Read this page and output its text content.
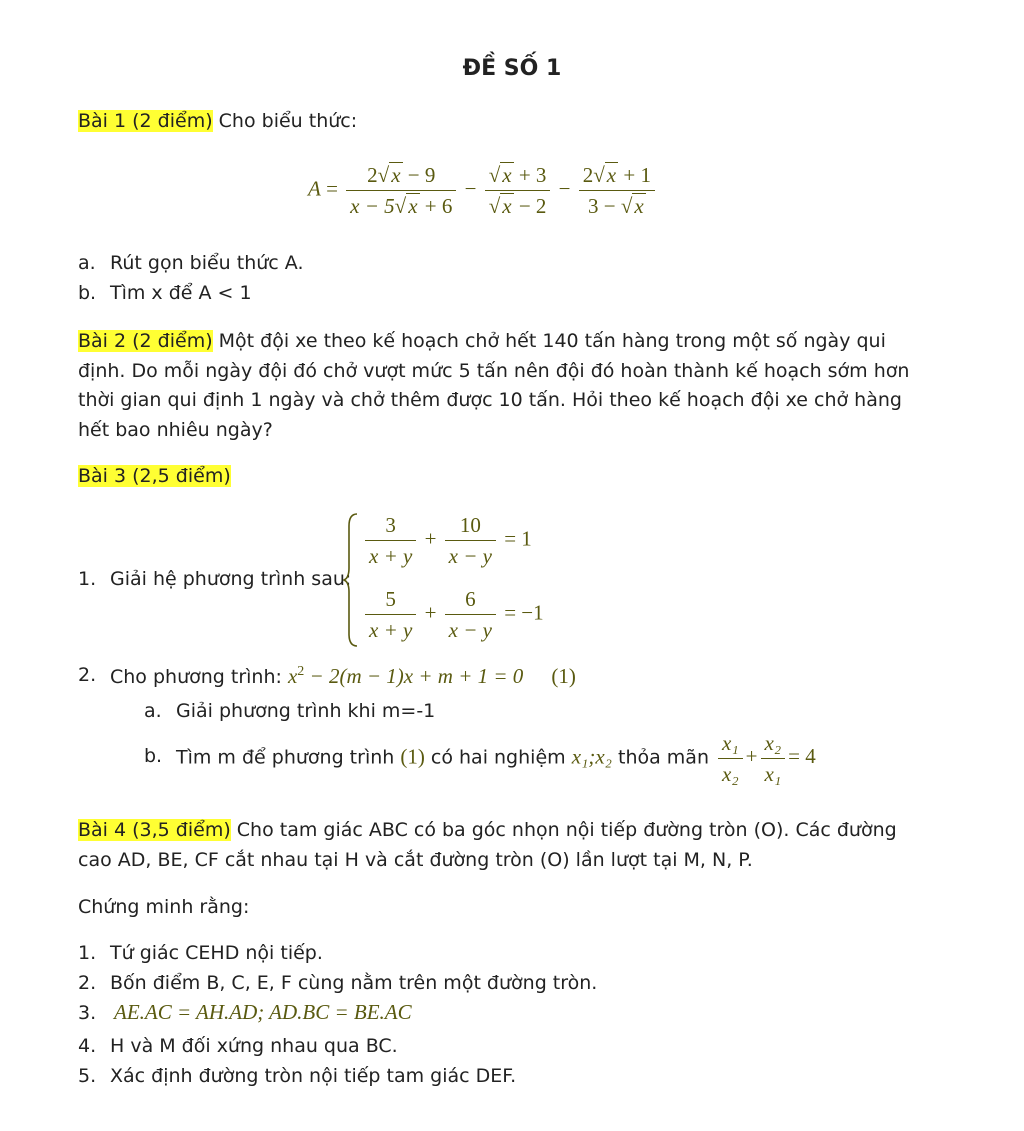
ĐỀ SỐ 1
Bài 1 (2 điểm) Cho biểu thức:
$A = \frac{2√x - 9}{x - 5√x + 6} - \frac{√x + 3}{√x - 2} - \frac{2√x + 1}{3 - √x}$
a. Rút gọn biểu thức A.
b. Tìm x để A < 1
Bài 2 (2 điểm) Một đội xe theo kế hoạch chở hết 140 tấn hàng trong một số ngày qui
định. Do mỗi ngày đội đó chở vượt mức 5 tấn nên đội đó hoàn thành kế hoạch sớm hơn
thời gian qui định 1 ngày và chở thêm được 10 tấn. Hỏi theo kế hoạch đội xe chở hàng
hết bao nhiêu ngày?
Bài 3 (2,5 điểm)
1. Giải hệ phương trình sau:
$\frac{3}{x + y} + \frac{10}{x - y} = 1$
$\frac{5}{x + y} + \frac{6}{x - y} = -1$
2. Cho phương trình: $x^2 - 2(m - 1)x + m + 1 = 0$ (1)
a. Giải phương trình khi m=-1
b. Tìm m để phương trình (1) có hai nghiệm x₁;x₂ thỏa mãn $\frac{\text{x₁}}{\text{x₂}} + \frac{\text{x₂}}{\text{x₁}} = 4$
Bài 4 (3,5 điểm) Cho tam giác ABC có ba góc nhọn nội tiếp đường tròn (O). Các đường
cao AD, BE, CF cắt nhau tại H và cắt đường tròn (O) lần lượt tại M, N, P.
Chứng minh rằng:
1. Tứ giác CEHD nội tiếp.
2. Bốn điểm B, C, E, F cùng nằm trên một đường tròn.
3. AE.AC = AH.AD; AD.BC = BE.AC
4. H và M đối xứng nhau qua BC.
5. Xác định đường tròn nội tiếp tam giác DEF.
